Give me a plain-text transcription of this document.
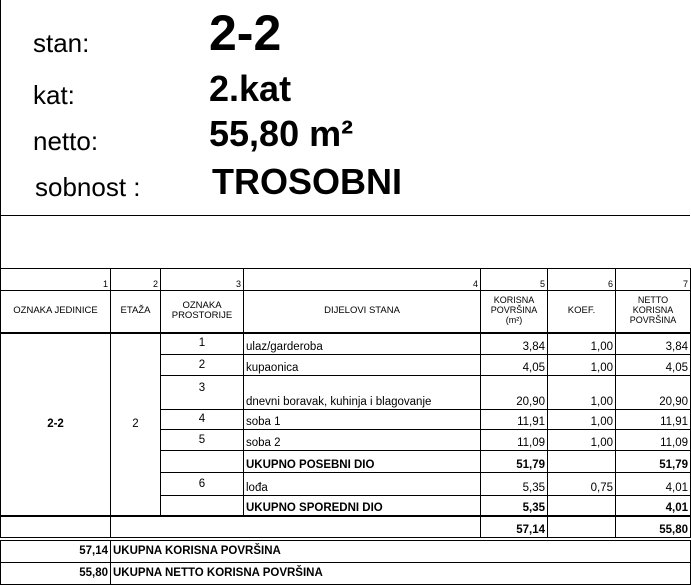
stan: 2-2
kat:	2.kat
netto:	55,80 m²
sobnost : TROSOBNI
1	2	3	4	5	6	7
OZNAKA JEDINICE	ETAŽA	OZNAKA PROSTORIJE	DIJELOVI STANA	KORISNA POVRŠINA (m²)	KOEF.	NETTO KORISNA POVRŠINA
2-2	2	1	ulaz/garderoba	3,84	1,00	3,84
		2	kupaonica	4,05	1,00	4,05
		3	dnevni boravak, kuhinja i blagovanje	20,90	1,00	20,90
		4	soba 1	11,91	1,00	11,91
		5	soba 2	11,09	1,00	11,09
			UKUPNO POSEBNI DIO	51,79		51,79
		6	lođa	5,35	0,75	4,01
			UKUPNO SPOREDNI DIO	5,35		4,01
				57,14		55,80
57,14	UKUPNA KORISNA POVRŠINA
55,80	UKUPNA NETTO KORISNA POVRŠINA
